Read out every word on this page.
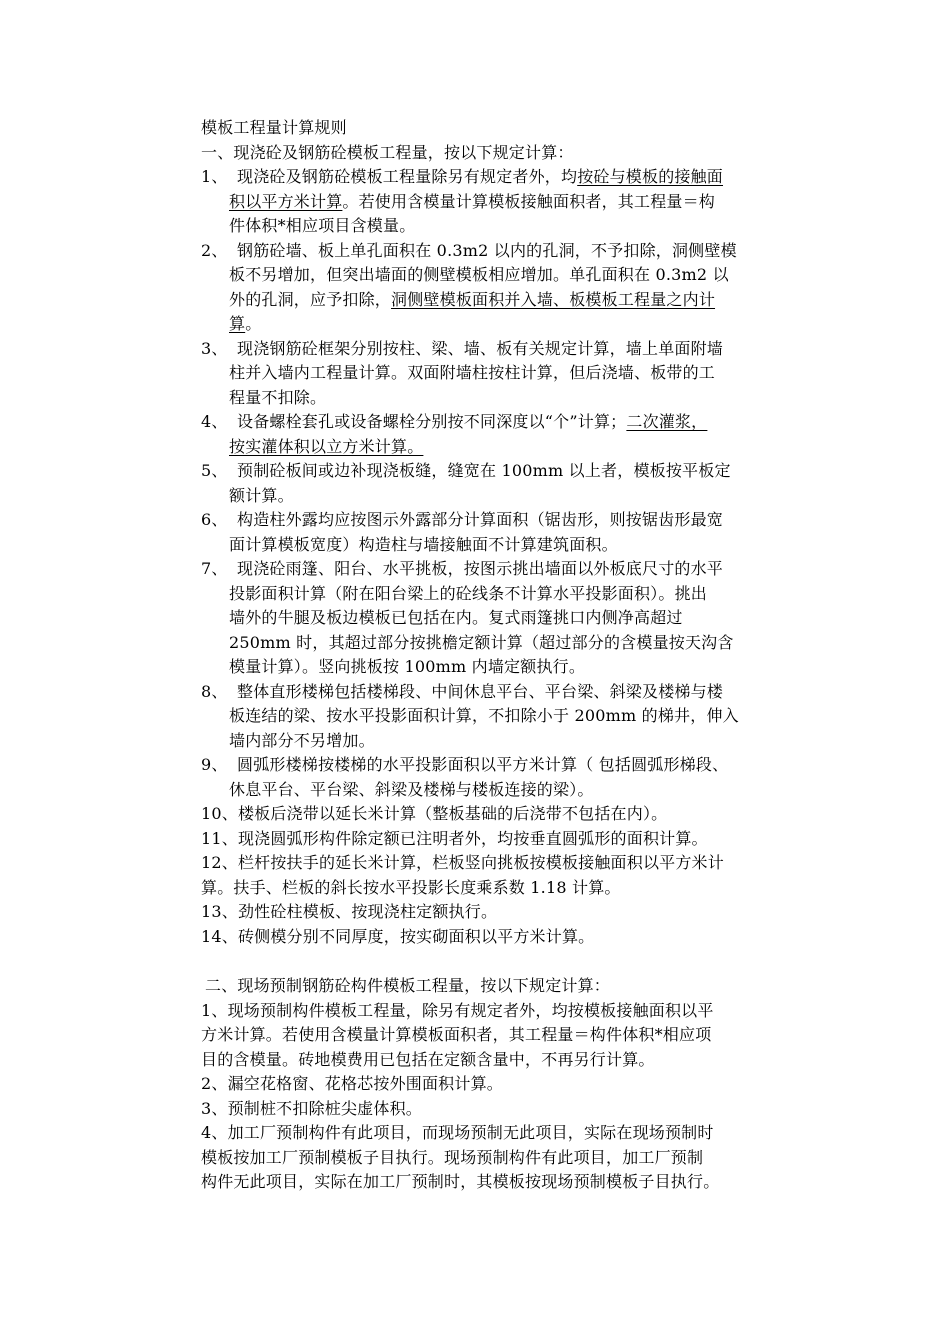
模板工程量计算规则
一、现浇砼及钢筋砼模板工程量，按以下规定计算：
1、 现浇砼及钢筋砼模板工程量除另有规定者外，均按砼与模板的接触面
积以平方米计算。若使用含模量计算模板接触面积者，其工程量＝构
件体积*相应项目含模量。
2、 钢筋砼墙、板上单孔面积在 0.3m2 以内的孔洞，不予扣除，洞侧壁模
板不另增加，但突出墙面的侧壁模板相应增加。单孔面积在 0.3m2 以
外的孔洞，应予扣除，洞侧壁模板面积并入墙、板模板工程量之内计
算。
3、 现浇钢筋砼框架分别按柱、梁、墙、板有关规定计算，墙上单面附墙
柱并入墙内工程量计算。双面附墙柱按柱计算，但后浇墙、板带的工
程量不扣除。
4、 设备螺栓套孔或设备螺栓分别按不同深度以“个”计算；二次灌浆，
按实灌体积以立方米计算。
5、 预制砼板间或边补现浇板缝，缝宽在 100mm 以上者，模板按平板定
额计算。
6、 构造柱外露均应按图示外露部分计算面积（锯齿形，则按锯齿形最宽
面计算模板宽度）构造柱与墙接触面不计算建筑面积。
7、 现浇砼雨篷、阳台、水平挑板，按图示挑出墙面以外板底尺寸的水平
投影面积计算（附在阳台梁上的砼线条不计算水平投影面积）。挑出
墙外的牛腿及板边模板已包括在内。复式雨篷挑口内侧净高超过
250mm 时，其超过部分按挑檐定额计算（超过部分的含模量按天沟含
模量计算）。竖向挑板按 100mm 内墙定额执行。
8、 整体直形楼梯包括楼梯段、中间休息平台、平台梁、斜梁及楼梯与楼
板连结的梁、按水平投影面积计算，不扣除小于 200mm 的梯井，伸入
墙内部分不另增加。
9、 圆弧形楼梯按楼梯的水平投影面积以平方米计算（ 包括圆弧形梯段、
休息平台、平台梁、斜梁及楼梯与楼板连接的梁）。
10、楼板后浇带以延长米计算（整板基础的后浇带不包括在内）。
11、现浇圆弧形构件除定额已注明者外，均按垂直圆弧形的面积计算。
12、栏杆按扶手的延长米计算，栏板竖向挑板按模板接触面积以平方米计
算。扶手、栏板的斜长按水平投影长度乘系数 1.18 计算。
13、劲性砼柱模板、按现浇柱定额执行。
14、砖侧模分别不同厚度，按实砌面积以平方米计算。
二、现场预制钢筋砼构件模板工程量，按以下规定计算：
1、现场预制构件模板工程量，除另有规定者外，均按模板接触面积以平
方米计算。若使用含模量计算模板面积者，其工程量＝构件体积*相应项
目的含模量。砖地模费用已包括在定额含量中，不再另行计算。
2、漏空花格窗、花格芯按外围面积计算。
3、预制桩不扣除桩尖虚体积。
4、加工厂预制构件有此项目，而现场预制无此项目，实际在现场预制时
模板按加工厂预制模板子目执行。现场预制构件有此项目，加工厂预制
构件无此项目，实际在加工厂预制时，其模板按现场预制模板子目执行。
